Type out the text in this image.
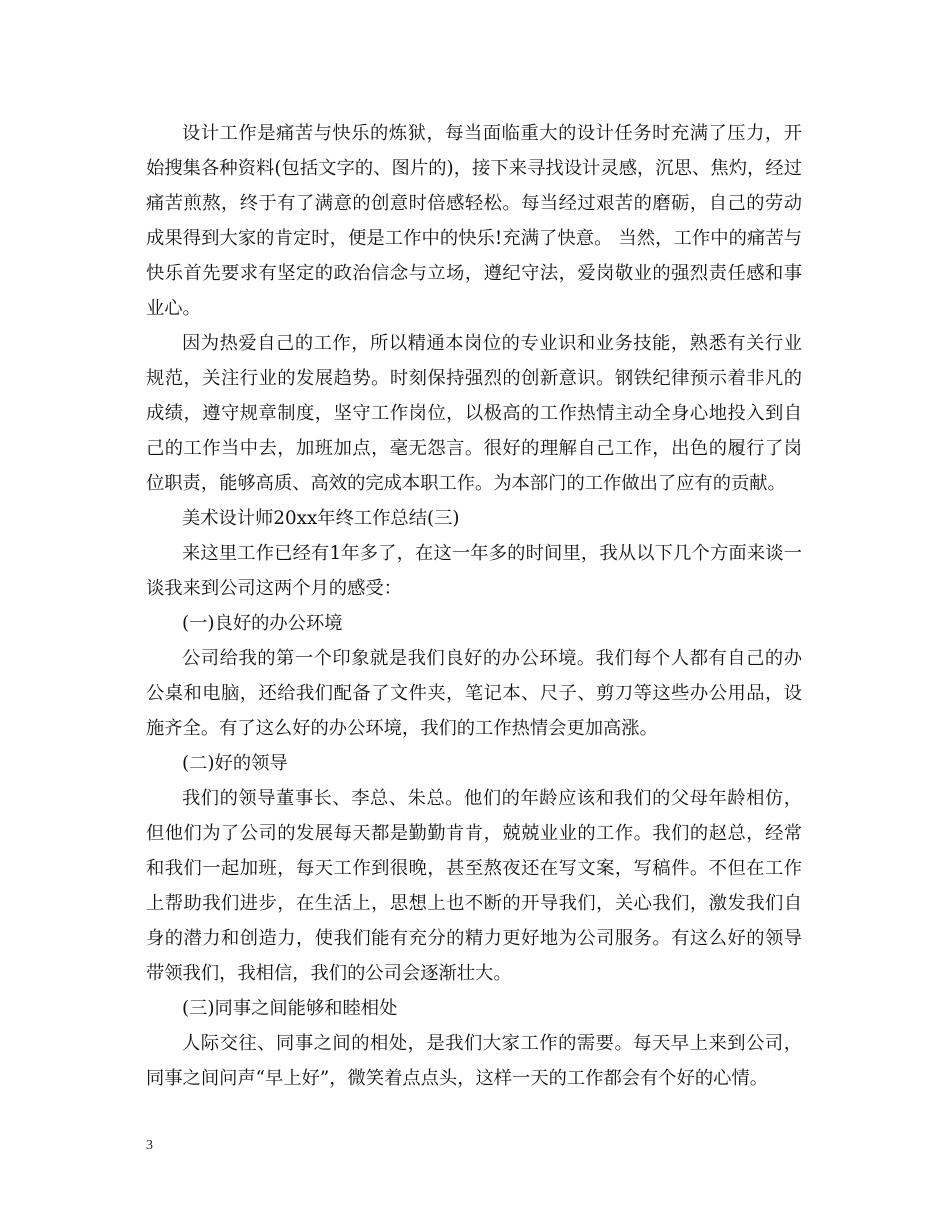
设计工作是痛苦与快乐的炼狱，每当面临重大的设计任务时充满了压力，开始搜集各种资料(包括文字的、图片的)，接下来寻找设计灵感，沉思、焦灼，经过痛苦煎熬，终于有了满意的创意时倍感轻松。每当经过艰苦的磨砺，自己的劳动成果得到大家的肯定时，便是工作中的快乐!充满了快意。 当然，工作中的痛苦与快乐首先要求有坚定的政治信念与立场，遵纪守法，爱岗敬业的强烈责任感和事业心。

因为热爱自己的工作，所以精通本岗位的专业识和业务技能，熟悉有关行业规范，关注行业的发展趋势。时刻保持强烈的创新意识。钢铁纪律预示着非凡的成绩，遵守规章制度，坚守工作岗位，以极高的工作热情主动全身心地投入到自己的工作当中去，加班加点，毫无怨言。很好的理解自己工作，出色的履行了岗位职责，能够高质、高效的完成本职工作。为本部门的工作做出了应有的贡献。

美术设计师20xx年终工作总结(三)

来这里工作已经有1年多了，在这一年多的时间里，我从以下几个方面来谈一谈我来到公司这两个月的感受：

(一)良好的办公环境

公司给我的第一个印象就是我们良好的办公环境。我们每个人都有自己的办公桌和电脑，还给我们配备了文件夹，笔记本、尺子、剪刀等这些办公用品，设施齐全。有了这么好的办公环境，我们的工作热情会更加高涨。

(二)好的领导

我们的领导董事长、李总、朱总。他们的年龄应该和我们的父母年龄相仿，但他们为了公司的发展每天都是勤勤肯肯，兢兢业业的工作。我们的赵总，经常和我们一起加班，每天工作到很晚，甚至熬夜还在写文案，写稿件。不但在工作上帮助我们进步，在生活上，思想上也不断的开导我们，关心我们，激发我们自身的潜力和创造力，使我们能有充分的精力更好地为公司服务。有这么好的领导带领我们，我相信，我们的公司会逐渐壮大。

(三)同事之间能够和睦相处

人际交往、同事之间的相处，是我们大家工作的需要。每天早上来到公司，同事之间问声“早上好”，微笑着点点头，这样一天的工作都会有个好的心情。

3
